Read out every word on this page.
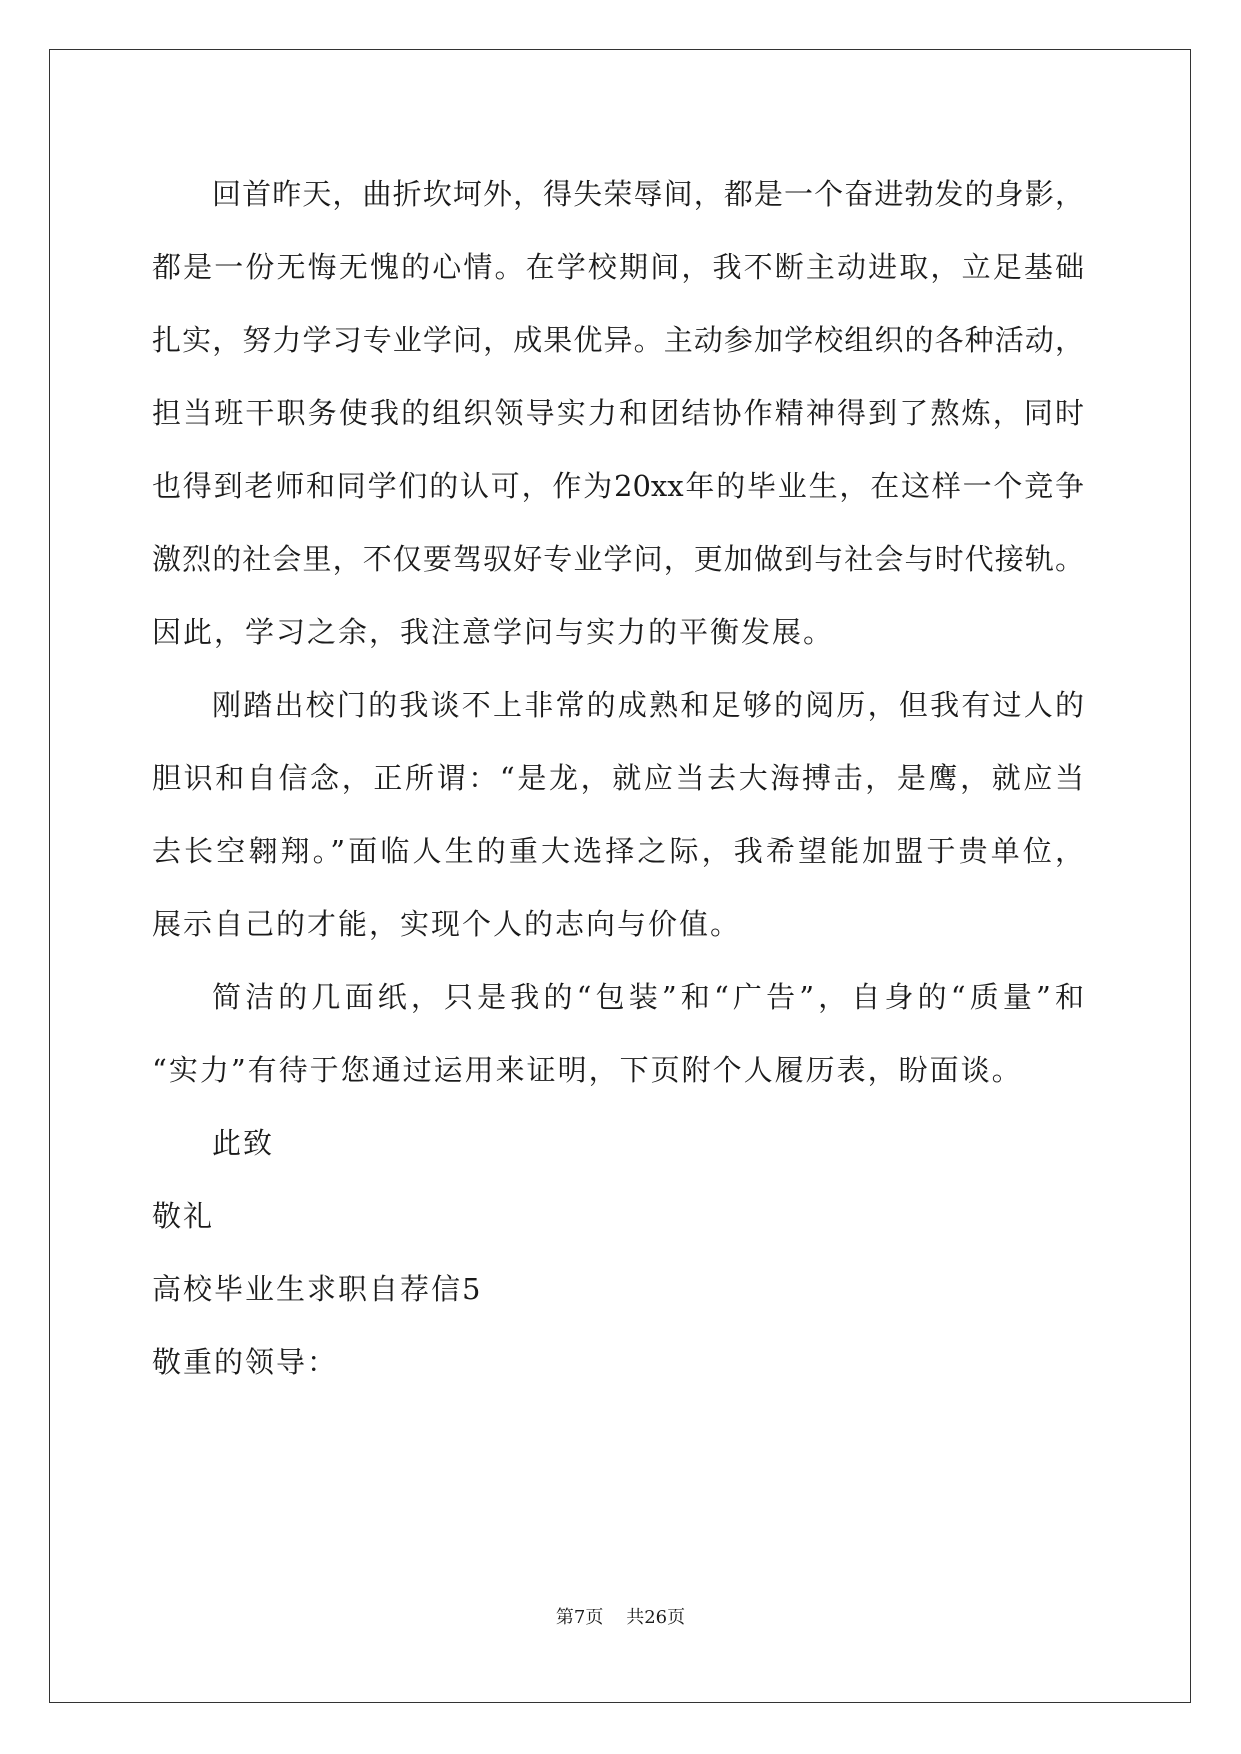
回首昨天，曲折坎坷外，得失荣辱间，都是一个奋进勃发的身影，
都是一份无悔无愧的心情。在学校期间，我不断主动进取，立足基础
扎实，努力学习专业学问，成果优异。主动参加学校组织的各种活动，
担当班干职务使我的组织领导实力和团结协作精神得到了熬炼，同时
也得到老师和同学们的认可，作为20xx年的毕业生，在这样一个竞争
激烈的社会里，不仅要驾驭好专业学问，更加做到与社会与时代接轨。
因此，学习之余，我注意学问与实力的平衡发展。
刚踏出校门的我谈不上非常的成熟和足够的阅历，但我有过人的
胆识和自信念，正所谓：“是龙，就应当去大海搏击，是鹰，就应当
去长空翱翔。”面临人生的重大选择之际，我希望能加盟于贵单位，
展示自己的才能，实现个人的志向与价值。
简洁的几面纸，只是我的“包装”和“广告”，自身的“质量”和
“实力”有待于您通过运用来证明，下页附个人履历表，盼面谈。
此致
敬礼
高校毕业生求职自荐信5
敬重的领导：
第7页 共26页
